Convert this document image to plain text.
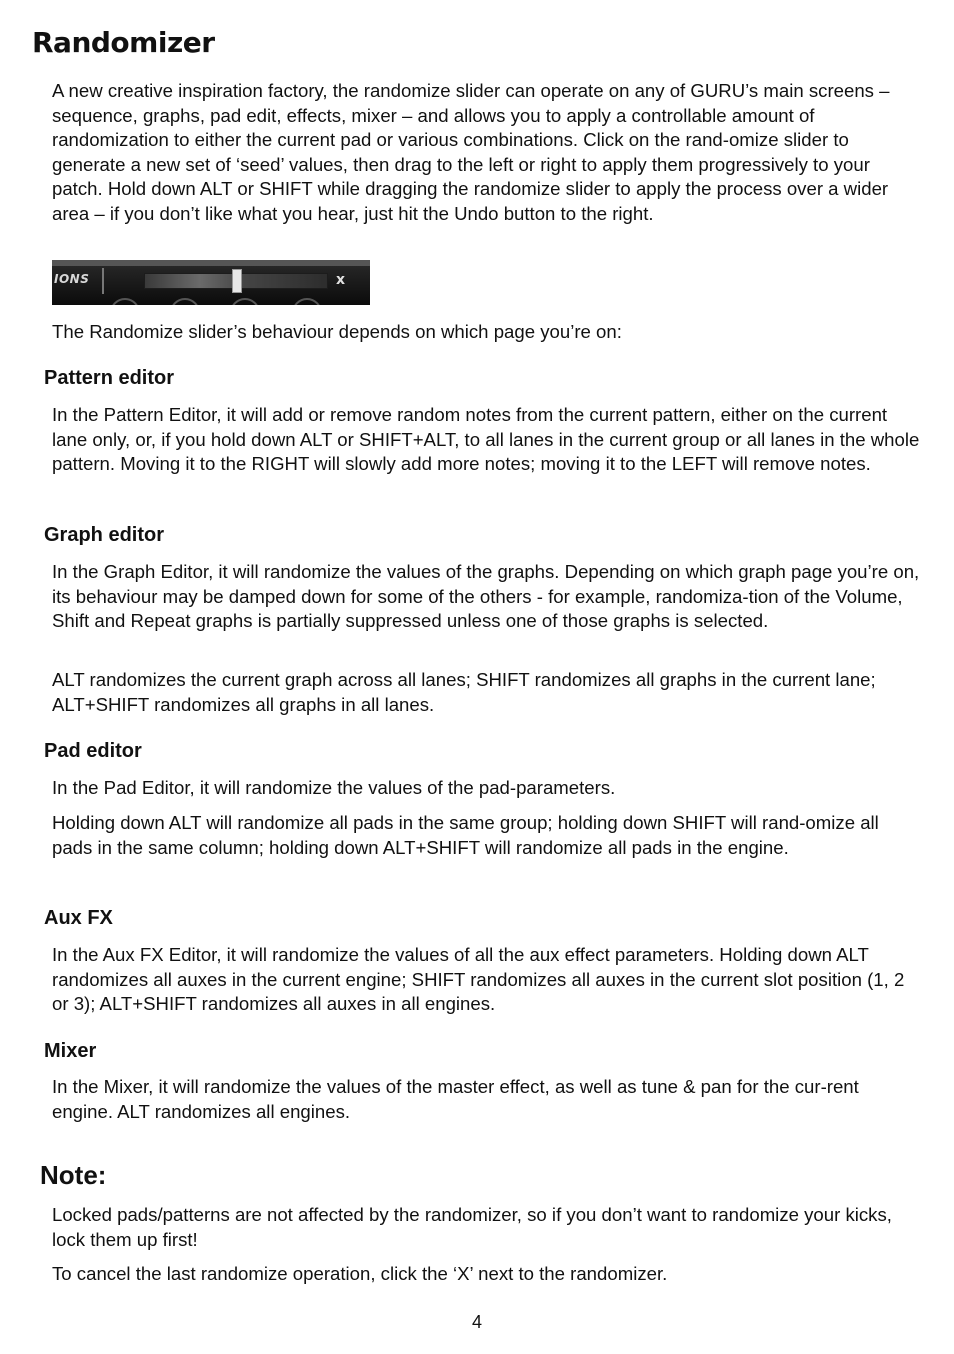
Randomizer

A new creative inspiration factory, the randomize slider can operate on any of GURU’s main screens – sequence, graphs, pad edit, effects, mixer – and allows you to apply a controllable amount of randomization to either the current pad or various combinations. Click on the rand-omize slider to generate a new set of ‘seed’ values, then drag to the left or right to apply them progressively to your patch. Hold down ALT or SHIFT while dragging the randomize slider to apply the process over a wider area – if you don’t like what you hear, just hit the Undo button to the right.

IONS	x

The Randomize slider’s behaviour depends on which page you’re on:

Pattern editor

In the Pattern Editor, it will add or remove random notes from the current pattern, either on the current lane only, or, if you hold down ALT or SHIFT+ALT, to all lanes in the current group or all lanes in the whole pattern. Moving it to the RIGHT will slowly add more notes; moving it to the LEFT will remove notes.

Graph editor

In the Graph Editor, it will randomize the values of the graphs. Depending on which graph page you’re on, its behaviour may be damped down for some of the others - for example, randomiza-tion of the Volume, Shift and Repeat graphs is partially suppressed unless one of those graphs is selected.

ALT randomizes the current graph across all lanes; SHIFT randomizes all graphs in the current lane; ALT+SHIFT randomizes all graphs in all lanes.

Pad editor

In the Pad Editor, it will randomize the values of the pad-parameters.

Holding down ALT will randomize all pads in the same group; holding down SHIFT will rand-omize all pads in the same column; holding down ALT+SHIFT will randomize all pads in the engine.

Aux FX

In the Aux FX Editor, it will randomize the values of all the aux effect parameters. Holding down ALT randomizes all auxes in the current engine; SHIFT randomizes all auxes in the current slot position (1, 2 or 3); ALT+SHIFT randomizes all auxes in all engines.

Mixer

In the Mixer, it will randomize the values of the master effect, as well as tune & pan for the cur-rent engine. ALT randomizes all engines.

Note:

Locked pads/patterns are not affected by the randomizer, so if you don’t want to randomize your kicks, lock them up first!

To cancel the last randomize operation, click the ‘X’ next to the randomizer.

4
